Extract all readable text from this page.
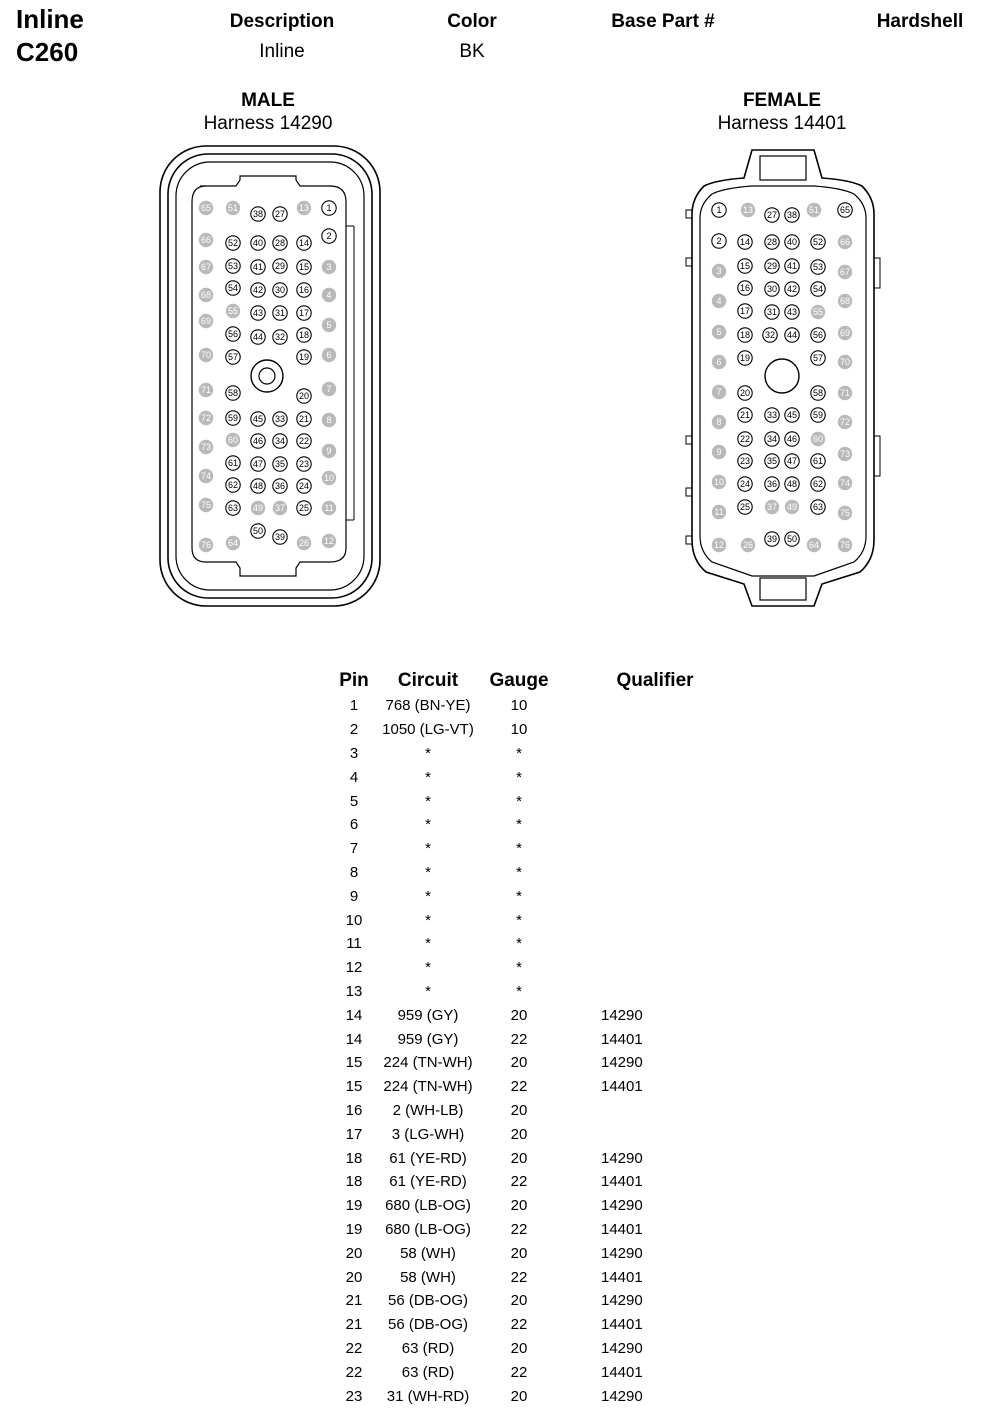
Inline
C260
Description
Inline
Color
BK
Base Part #	Hardshell
MALE
Harness 14290
FEMALE
Harness 14401
65 51
38 27
13 1
2
66 52 40 28 14
67 53 41 29 15 3
68
54 42 30 16 4
55 43 31 17
69
56 44 32 18
5
70 57	19 6
71 58	20
7
72 59 45 33 21 8
73
60 46 34 22
9
61 47 35 23
74
62 48 36 24
10
75 63 49 37 25 11
50
39
76 64	26 12
1 13 27 38 51 65
2 14 28 40 52 66
3 15 29 41 53 67
4
16 30 42 54
68
17 31 43 55
5 18 32 44 56 69
6 19	57 70
7 20	58 71
8
21 33 45 59
72
22 34 46 60
9
23 35 47 61
73
10 24 36 48 62 74
11 25 37 49 63
75
12 26
39 50
64 76
Pin	Circuit	Gauge	Qualifier
1	768 (BN-YE)	10	
2	1050 (LG-VT)	10	
3	*	*	
4	*	*	
5	*	*	
6	*	*	
7	*	*	
8	*	*	
9	*	*	
10	*	*	
11	*	*	
12	*	*	
13	*	*	
14	959 (GY)	20	14290
14	959 (GY)	22	14401
15	224 (TN-WH)	20	14290
15	224 (TN-WH)	22	14401
16	2 (WH-LB)	20	
17	3 (LG-WH)	20	
18	61 (YE-RD)	20	14290
18	61 (YE-RD)	22	14401
19	680 (LB-OG)	20	14290
19	680 (LB-OG)	22	14401
20	58 (WH)	20	14290
20	58 (WH)	22	14401
21	56 (DB-OG)	20	14290
21	56 (DB-OG)	22	14401
22	63 (RD)	20	14290
22	63 (RD)	22	14401
23	31 (WH-RD)	20	14290
